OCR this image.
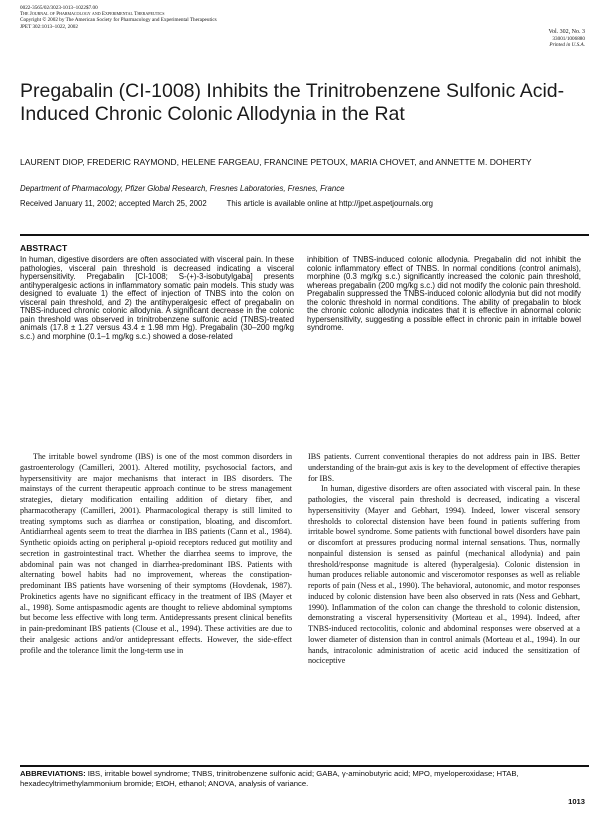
0022-3565/02/3023-1013–1022$7.00
The Journal of Pharmacology and Experimental Therapeutics
Copyright © 2002 by The American Society for Pharmacology and Experimental Therapeutics
JPET 302:1013–1022, 2002
Vol. 302, No. 3
33001/1006880
Printed in U.S.A.
Pregabalin (CI-1008) Inhibits the Trinitrobenzene Sulfonic Acid-Induced Chronic Colonic Allodynia in the Rat
LAURENT DIOP, FREDERIC RAYMOND, HELENE FARGEAU, FRANCINE PETOUX, MARIA CHOVET, and ANNETTE M. DOHERTY
Department of Pharmacology, Pfizer Global Research, Fresnes Laboratories, Fresnes, France
Received January 11, 2002; accepted March 25, 2002	This article is available online at http://jpet.aspetjournals.org
ABSTRACT
In human, digestive disorders are often associated with visceral pain. In these pathologies, visceral pain threshold is decreased indicating a visceral hypersensitivity. Pregabalin [CI-1008; S-(+)-3-isobutylgaba] presents antihyperalgesic actions in inflammatory somatic pain models. This study was designed to evaluate 1) the effect of injection of TNBS into the colon on visceral pain threshold, and 2) the antihyperalgesic effect of pregabalin on TNBS-induced chronic colonic allodynia. A significant decrease in the colonic pain threshold was observed in trinitrobenzene sulfonic acid (TNBS)-treated animals (17.8 ± 1.27 versus 43.4 ± 1.98 mm Hg). Pregabalin (30–200 mg/kg s.c.) and morphine (0.1–1 mg/kg s.c.) showed a dose-related
inhibition of TNBS-induced colonic allodynia. Pregabalin did not inhibit the colonic inflammatory effect of TNBS. In normal conditions (control animals), morphine (0.3 mg/kg s.c.) significantly increased the colonic pain threshold, whereas pregabalin (200 mg/kg s.c.) did not modify the colonic pain threshold. Pregabalin suppressed the TNBS-induced colonic allodynia but did not modify the colonic threshold in normal conditions. The ability of pregabalin to block the chronic colonic allodynia indicates that it is effective in abnormal colonic hypersensitivity, suggesting a possible effect in chronic pain in irritable bowel syndrome.

The irritable bowel syndrome (IBS) is one of the most common disorders in gastroenterology (Camilleri, 2001). Altered motility, psychosocial factors, and hypersensitivity are major mechanisms that interact in IBS disorders. The mainstays of the current therapeutic approach continue to be stress management strategies, dietary modification entailing addition of dietary fiber, and pharmacotherapy (Camilleri, 2001). Pharmacological therapy is still limited to treating symptoms such as diarrhea or constipation, bloating, and discomfort. Antidiarrheal agents seem to treat the diarrhea in IBS patients (Cann et al., 1984). Synthetic opioids acting on peripheral μ-opioid receptors reduced gut motility and secretion in gastrointestinal tract. Whether the diarrhea seems to improve, the abdominal pain was not changed in diarrhea-predominant IBS. Patients with alternating bowel habits had no improvement, whereas the constipation-predominant IBS patients have worsening of their symptoms (Hovdenak, 1987). Prokinetics agents have no significant efficacy in the treatment of IBS (Mayer et al., 1998). Some antispasmodic agents are thought to relieve abdominal symptoms but become less effective with long term. Antidepressants present clinical benefits in pain-predominant IBS patients (Clouse et al., 1994). These activities are due to their analgesic actions and/or antidepressant effects. However, the side-effect profile and the tolerance limit the long-term use in

IBS patients. Current conventional therapies do not address pain in IBS. Better understanding of the brain-gut axis is key to the development of effective therapies for IBS.

In human, digestive disorders are often associated with visceral pain. In these pathologies, the visceral pain threshold is decreased, indicating a visceral hypersensitivity (Mayer and Gebhart, 1994). Indeed, lower visceral sensory thresholds to colorectal distension have been found in patients suffering from irritable bowel syndrome. Some patients with functional bowel disorders have pain or discomfort at pressures producing normal internal sensations. Thus, normally nonpainful distension is sensed as painful (mechanical allodynia) and pain threshold/response magnitude is altered (hyperalgesia). Colonic distension in human produces reliable autonomic and visceromotor responses as well as reliable reports of pain (Ness et al., 1990). The behavioral, autonomic, and motor responses induced by colonic distension have been also observed in rats (Ness and Gebhart, 1990). Inflammation of the colon can change the threshold to colonic distension, demonstrating a visceral hypersensitivity (Morteau et al., 1994). Indeed, after TNBS-induced rectocolitis, colonic and abdominal responses were observed at a lower diameter of distension than in control animals (Morteau et al., 1994). In our hands, intracolonic administration of acetic acid induced the sensitization of nociceptive

ABBREVIATIONS: IBS, irritable bowel syndrome; TNBS, trinitrobenzene sulfonic acid; GABA, γ-aminobutyric acid; MPO, myeloperoxidase; HTAB, hexadecyltrimethylammonium bromide; EtOH, ethanol; ANOVA, analysis of variance.
1013
